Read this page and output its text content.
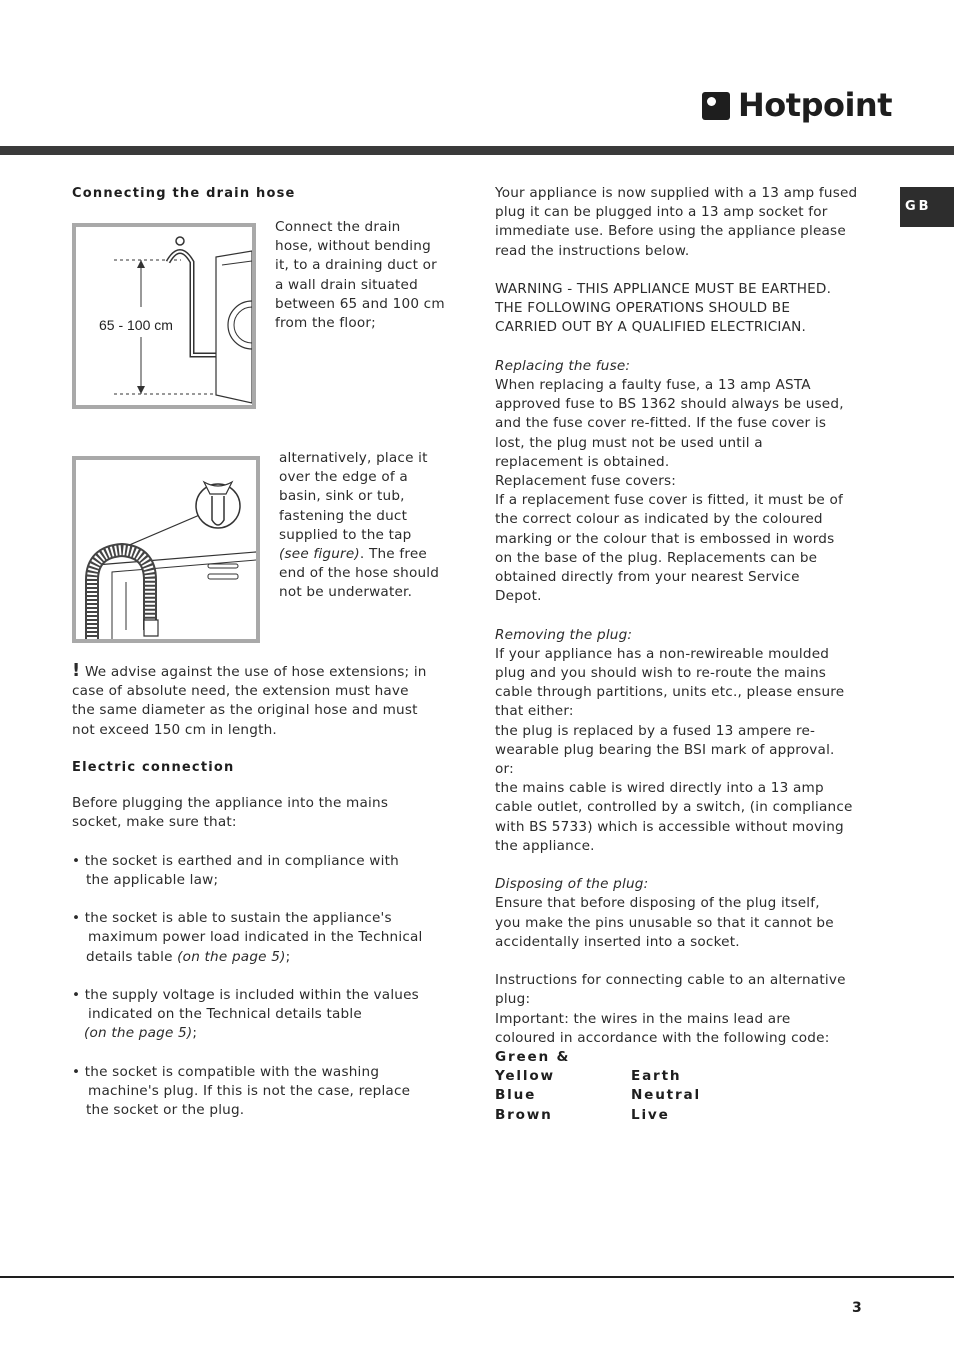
Hotpoint
GB
Connecting the drain hose
65 - 100 cm
Connect the drain
hose, without bending
it, to a draining duct or
a wall drain situated
between 65 and 100 cm
from the floor;
alternatively, place it
over the edge of a
basin, sink or tub,
fastening the duct
supplied to the tap
(see figure). The free
end of the hose should
not be underwater.
! We advise against the use of hose extensions; in
case of absolute need, the extension must have
the same diameter as the original hose and must
not exceed 150 cm in length.
Electric connection
Before plugging the appliance into the mains
socket, make sure that:
• the socket is earthed and in compliance with
the applicable law;
• the socket is able to sustain the appliance's
maximum power load indicated in the Technical
details table (on the page 5);
• the supply voltage is included within the values
indicated on the Technical details table
(on the page 5);
• the socket is compatible with the washing
machine's plug. If this is not the case, replace
the socket or the plug.
Your appliance is now supplied with a 13 amp fused
plug it can be plugged into a 13 amp socket for
immediate use. Before using the appliance please
read the instructions below.
WARNING - THIS APPLIANCE MUST BE EARTHED.
THE FOLLOWING OPERATIONS SHOULD BE
CARRIED OUT BY A QUALIFIED ELECTRICIAN.
Replacing the fuse:
When replacing a faulty fuse, a 13 amp ASTA
approved fuse to BS 1362 should always be used,
and the fuse cover re-fitted. If the fuse cover is
lost, the plug must not be used until a
replacement is obtained.
Replacement fuse covers:
If a replacement fuse cover is fitted, it must be of
the correct colour as indicated by the coloured
marking or the colour that is embossed in words
on the base of the plug. Replacements can be
obtained directly from your nearest Service
Depot.
Removing the plug:
If your appliance has a non-rewireable moulded
plug and you should wish to re-route the mains
cable through partitions, units etc., please ensure
that either:
the plug is replaced by a fused 13 ampere re-
wearable plug bearing the BSI mark of approval.
or:
the mains cable is wired directly into a 13 amp
cable outlet, controlled by a switch, (in compliance
with BS 5733) which is accessible without moving
the appliance.
Disposing of the plug:
Ensure that before disposing of the plug itself,
you make the pins unusable so that it cannot be
accidentally inserted into a socket.
Instructions for connecting cable to an alternative
plug:
Important: the wires in the mains lead are
coloured in accordance with the following code:
Green & Yellow	Earth
Blue	Neutral
Brown	Live
3
